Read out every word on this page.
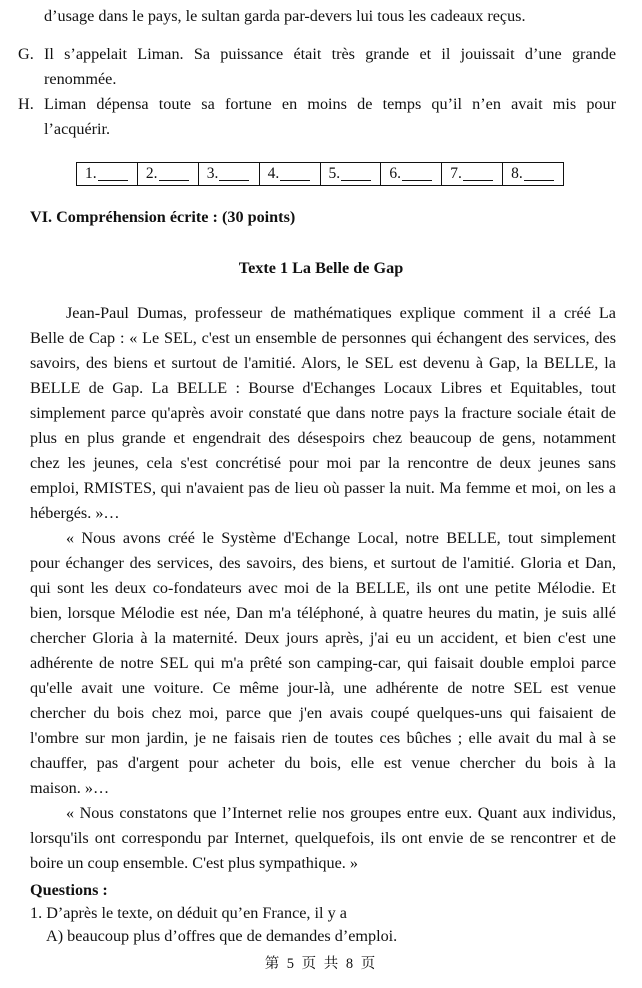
d’usage dans le pays, le sultan garda par-devers lui tous les cadeaux reçus.
G. Il s’appelait Liman. Sa puissance était très grande et il jouissait d’une grande
renommée.
H. Liman dépensa toute sa fortune en moins de temps qu’il n’en avait mis pour
l’acquérir.
1.	2.	3.	4.	5.	6.	7.	8.
VI. Compréhension écrite : (30 points)
Texte 1 La Belle de Gap
Jean-Paul Dumas, professeur de mathématiques explique comment il a créé La
Belle de Cap : « Le SEL, c'est un ensemble de personnes qui échangent des services, des
savoirs, des biens et surtout de l'amitié. Alors, le SEL est devenu à Gap, la BELLE, la
BELLE de Gap. La BELLE : Bourse d'Echanges Locaux Libres et Equitables, tout
simplement parce qu'après avoir constaté que dans notre pays la fracture sociale était de
plus en plus grande et engendrait des désespoirs chez beaucoup de gens, notamment
chez les jeunes, cela s'est concrétisé pour moi par la rencontre de deux jeunes sans
emploi, RMISTES, qui n'avaient pas de lieu où passer la nuit. Ma femme et moi, on les a
hébergés. »…
« Nous avons créé le Système d'Echange Local, notre BELLE, tout simplement
pour échanger des services, des savoirs, des biens, et surtout de l'amitié. Gloria et Dan,
qui sont les deux co-fondateurs avec moi de la BELLE, ils ont une petite Mélodie. Et
bien, lorsque Mélodie est née, Dan m'a téléphoné, à quatre heures du matin, je suis allé
chercher Gloria à la maternité. Deux jours après, j'ai eu un accident, et bien c'est une
adhérente de notre SEL qui m'a prêté son camping-car, qui faisait double emploi parce
qu'elle avait une voiture. Ce même jour-là, une adhérente de notre SEL est venue
chercher du bois chez moi, parce que j'en avais coupé quelques-uns qui faisaient de
l'ombre sur mon jardin, je ne faisais rien de toutes ces bûches ; elle avait du mal à se
chauffer, pas d'argent pour acheter du bois, elle est venue chercher du bois à la
maison. »…
« Nous constatons que l’Internet relie nos groupes entre eux. Quant aux individus,
lorsqu'ils ont correspondu par Internet, quelquefois, ils ont envie de se rencontrer et de
boire un coup ensemble. C'est plus sympathique. »
Questions :
1. D’après le texte, on déduit qu’en France, il y a
A) beaucoup plus d’offres que de demandes d’emploi.
第 5 页 共 8 页
